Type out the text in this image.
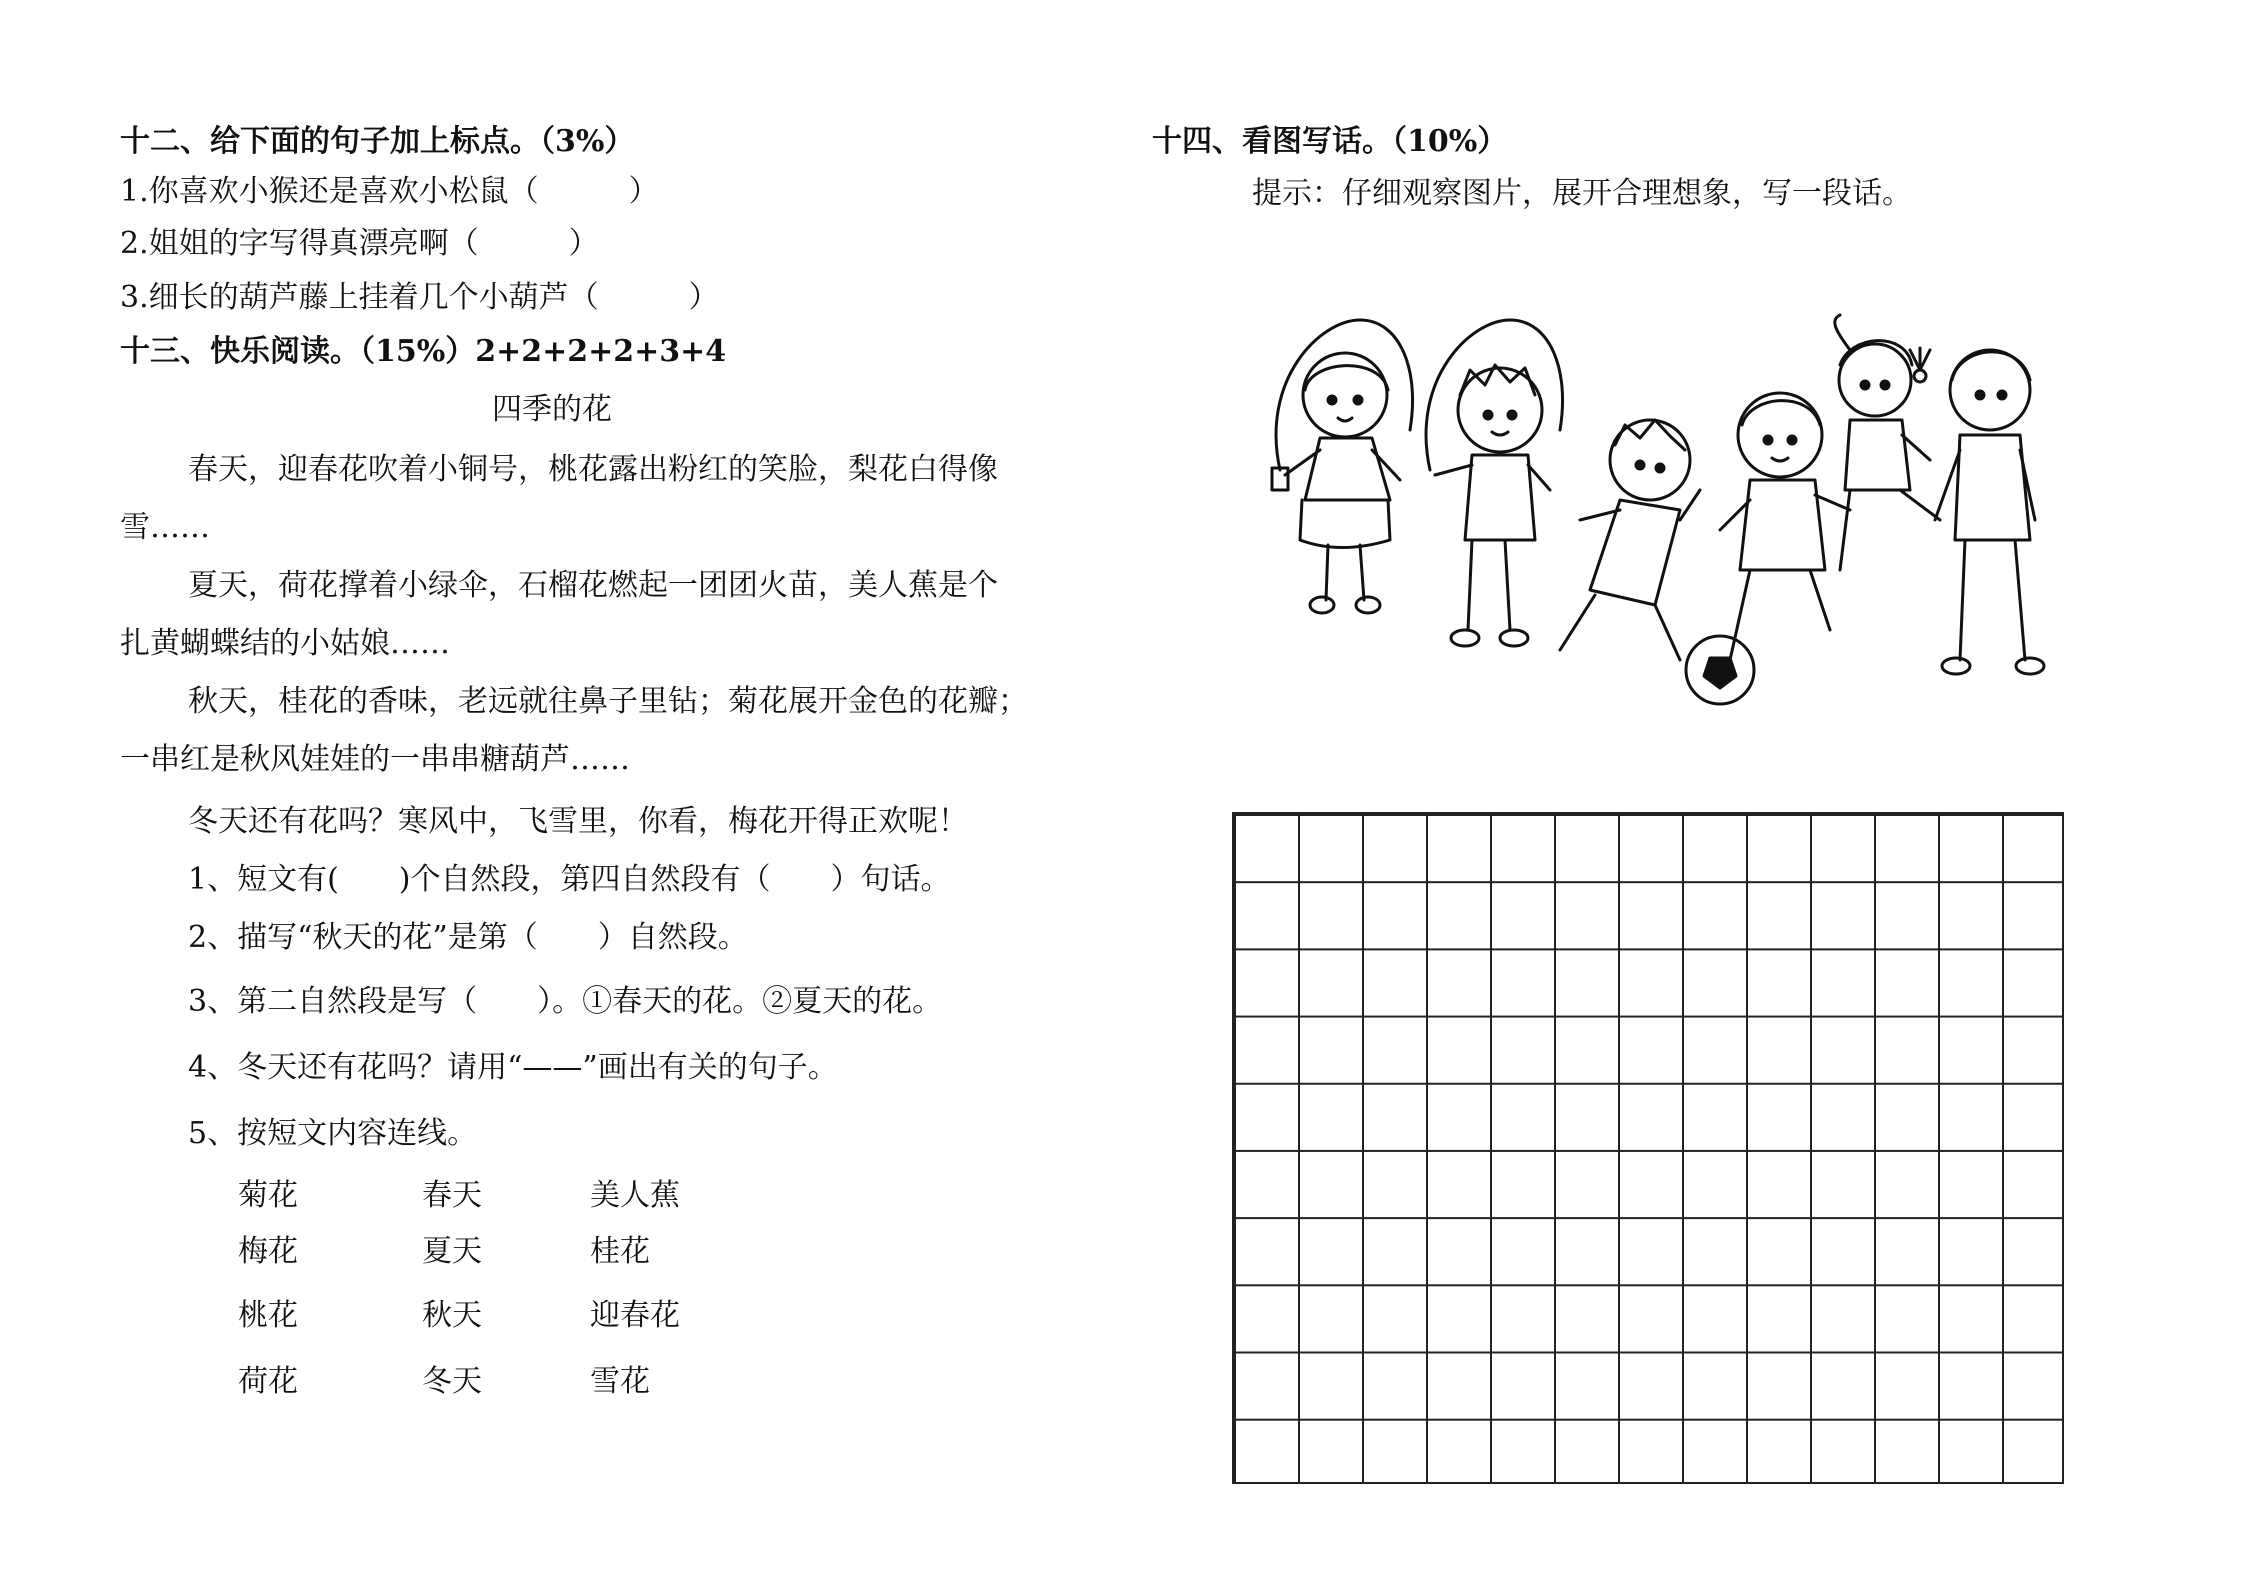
十二、给下面的句子加上标点。（3%）
1.你喜欢小猴还是喜欢小松鼠（　　　）
2.姐姐的字写得真漂亮啊（　　　）
3.细长的葫芦藤上挂着几个小葫芦（　　　）
十三、快乐阅读。（15%）2+2+2+2+3+4
四季的花
春天，迎春花吹着小铜号，桃花露出粉红的笑脸，梨花白得像
雪……
夏天，荷花撑着小绿伞，石榴花燃起一团团火苗，美人蕉是个
扎黄蝴蝶结的小姑娘……
秋天，桂花的香味，老远就往鼻子里钻；菊花展开金色的花瓣；
一串红是秋风娃娃的一串串糖葫芦……
冬天还有花吗？寒风中，飞雪里，你看，梅花开得正欢呢！
1、短文有(　　)个自然段，第四自然段有（　　）句话。
2、描写“秋天的花”是第（　　）自然段。
3、第二自然段是写（　　）。①春天的花。②夏天的花。
4、冬天还有花吗？请用“——”画出有关的句子。
5、按短文内容连线。
菊花
梅花
桃花
荷花
春天
夏天
秋天
冬天
美人蕉
桂花
迎春花
雪花
十四、看图写话。（10%）
提示：仔细观察图片，展开合理想象，写一段话。
